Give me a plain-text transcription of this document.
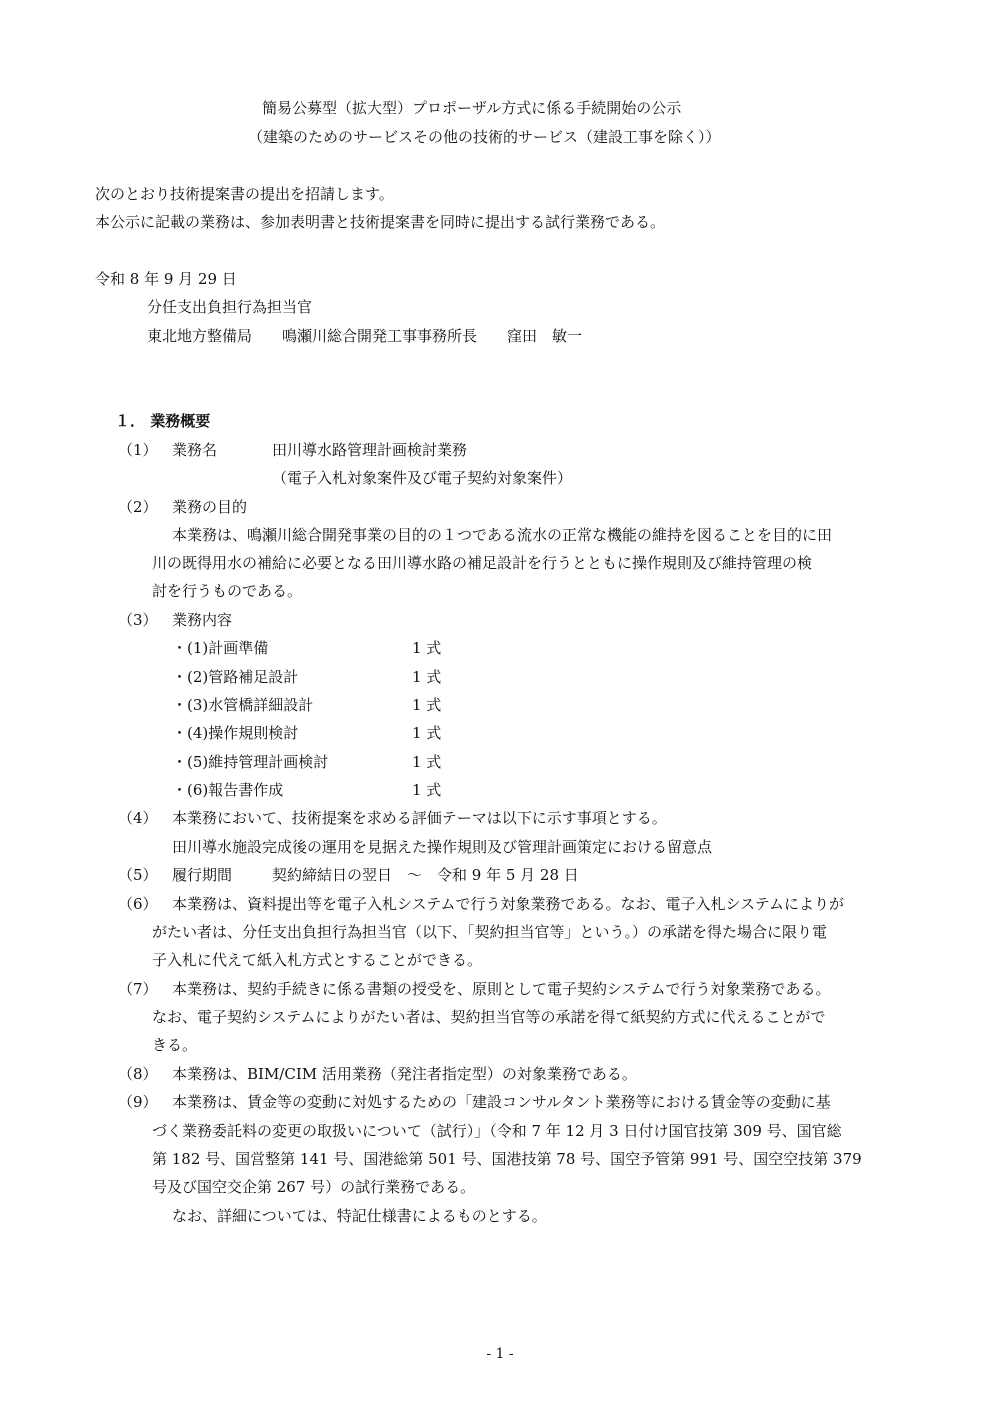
簡易公募型（拡大型）プロポーザル方式に係る手続開始の公示
（建築のためのサービスその他の技術的サービス（建設工事を除く））
次のとおり技術提案書の提出を招請します。
本公示に記載の業務は、参加表明書と技術提案書を同時に提出する試行業務である。
令和 8 年 9 月 29 日
分任支出負担行為担当官
東北地方整備局　　鳴瀬川総合開発工事事務所長　　窪田　敏一
１． 業務概要
（1） 業務名	田川導水路管理計画検討業務
（電子入札対象案件及び電子契約対象案件）
（2） 業務の目的
本業務は、鳴瀬川総合開発事業の目的の１つである流水の正常な機能の維持を図ることを目的に田
川の既得用水の補給に必要となる田川導水路の補足設計を行うとともに操作規則及び維持管理の検
討を行うものである。
（3） 業務内容
・(1)計画準備	1 式
・(2)管路補足設計	1 式
・(3)水管橋詳細設計	1 式
・(4)操作規則検討	1 式
・(5)維持管理計画検討	1 式
・(6)報告書作成	1 式
（4） 本業務において、技術提案を求める評価テーマは以下に示す事項とする。
田川導水施設完成後の運用を見据えた操作規則及び管理計画策定における留意点
（5） 履行期間	契約締結日の翌日　～　令和 9 年 5 月 28 日
（6） 本業務は、資料提出等を電子入札システムで行う対象業務である。なお、電子入札システムによりが
がたい者は、分任支出負担行為担当官（以下、「契約担当官等」という。）の承諾を得た場合に限り電
子入札に代えて紙入札方式とすることができる。
（7） 本業務は、契約手続きに係る書類の授受を、原則として電子契約システムで行う対象業務である。
なお、電子契約システムによりがたい者は、契約担当官等の承諾を得て紙契約方式に代えることがで
きる。
（8） 本業務は、BIM/CIM 活用業務（発注者指定型）の対象業務である。
（9） 本業務は、賃金等の変動に対処するための「建設コンサルタント業務等における賃金等の変動に基
づく業務委託料の変更の取扱いについて（試行）」（令和 7 年 12 月 3 日付け国官技第 309 号、国官総
第 182 号、国営整第 141 号、国港総第 501 号、国港技第 78 号、国空予管第 991 号、国空空技第 379
号及び国空交企第 267 号）の試行業務である。
なお、詳細については、特記仕様書によるものとする。
- 1 -
